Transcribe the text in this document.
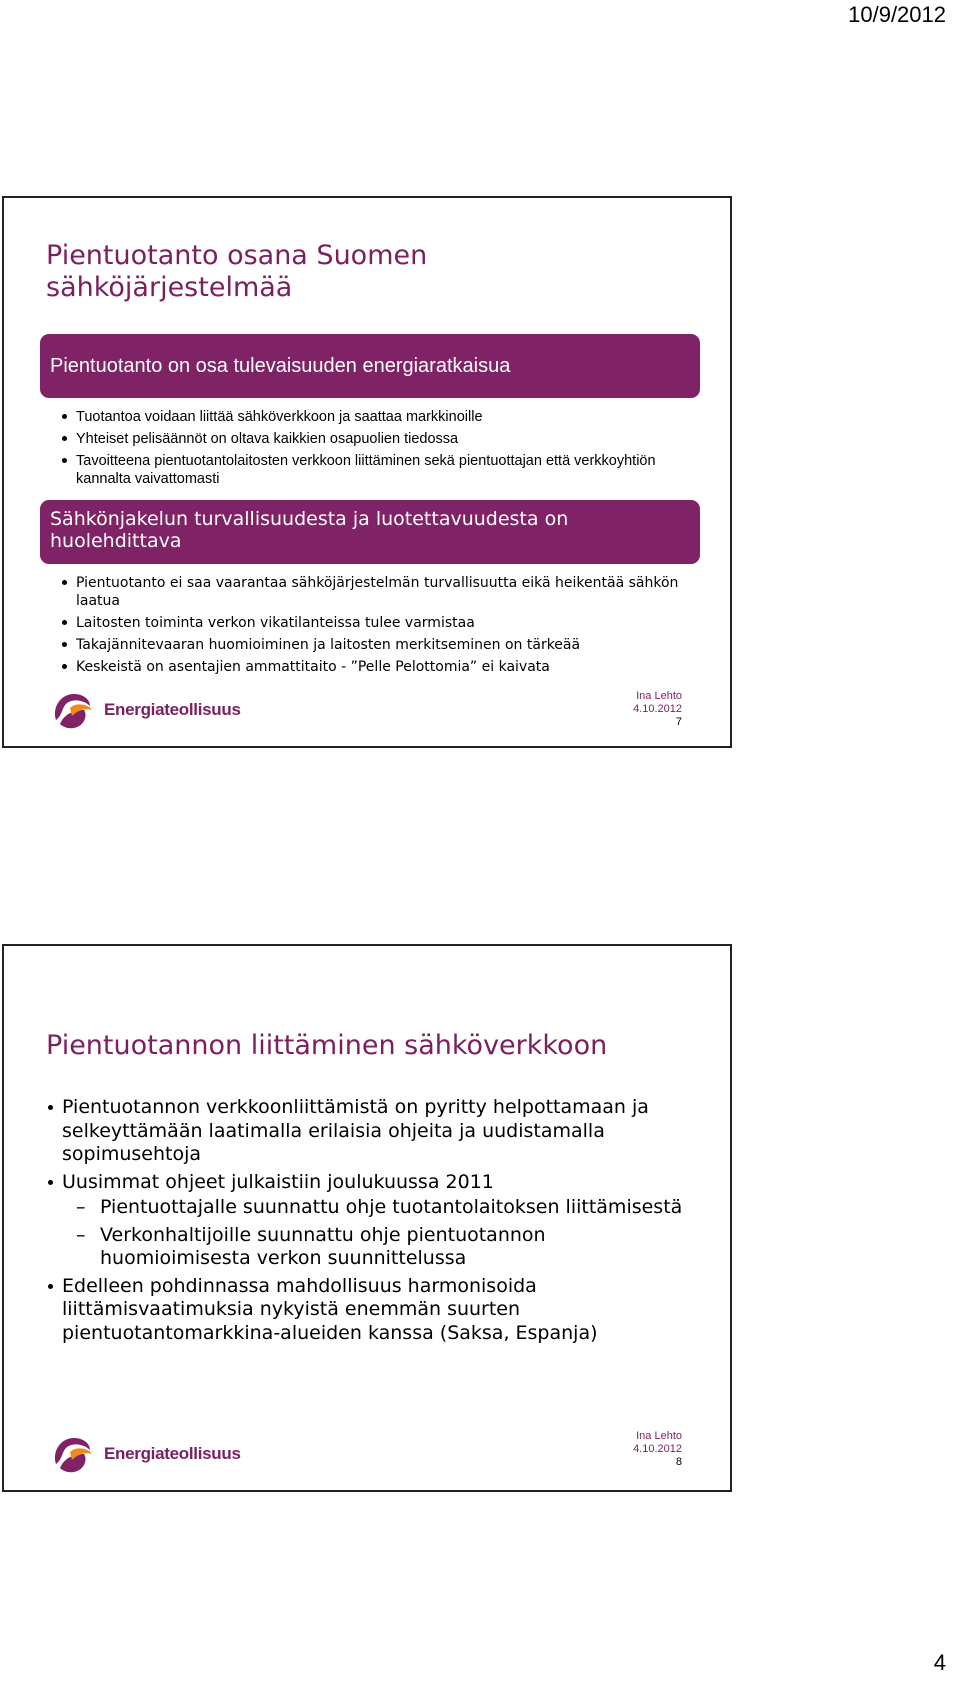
10/9/2012
Pientuotanto osana Suomen sähköjärjestelmää
Pientuotanto on osa tulevaisuuden energiaratkaisua
Tuotantoa voidaan liittää sähköverkkoon ja saattaa markkinoille
Yhteiset pelisäännöt on oltava kaikkien osapuolien tiedossa
Tavoitteena pientuotantolaitosten verkkoon liittäminen sekä pientuottajan että verkkoyhtiön kannalta vaivattomasti
Sähkönjakelun turvallisuudesta ja luotettavuudesta on huolehdittava
Pientuotanto ei saa vaarantaa sähköjärjestelmän turvallisuutta eikä heikentää sähkön laatua
Laitosten toiminta verkon vikatilanteissa tulee varmistaa
Takajännitevaaran huomioiminen ja laitosten merkitseminen on tärkeää
Keskeistä on asentajien ammattitaito - ”Pelle Pelottomia” ei kaivata
Energiateollisuus
Ina Lehto
4.10.2012
7
Pientuotannon liittäminen sähköverkkoon
Pientuotannon verkkoonliittämistä on pyritty helpottamaan ja selkeyttämään laatimalla erilaisia ohjeita ja uudistamalla sopimusehtoja
Uusimmat ohjeet julkaistiin joulukuussa 2011
– Pientuottajalle suunnattu ohje tuotantolaitoksen liittämisestä
– Verkonhaltijoille suunnattu ohje pientuotannon huomioimisesta verkon suunnittelussa
Edelleen pohdinnassa mahdollisuus harmonisoida liittämisvaatimuksia nykyistä enemmän suurten pientuotantomarkkina-alueiden kanssa (Saksa, Espanja)
Energiateollisuus
Ina Lehto
4.10.2012
8
4
